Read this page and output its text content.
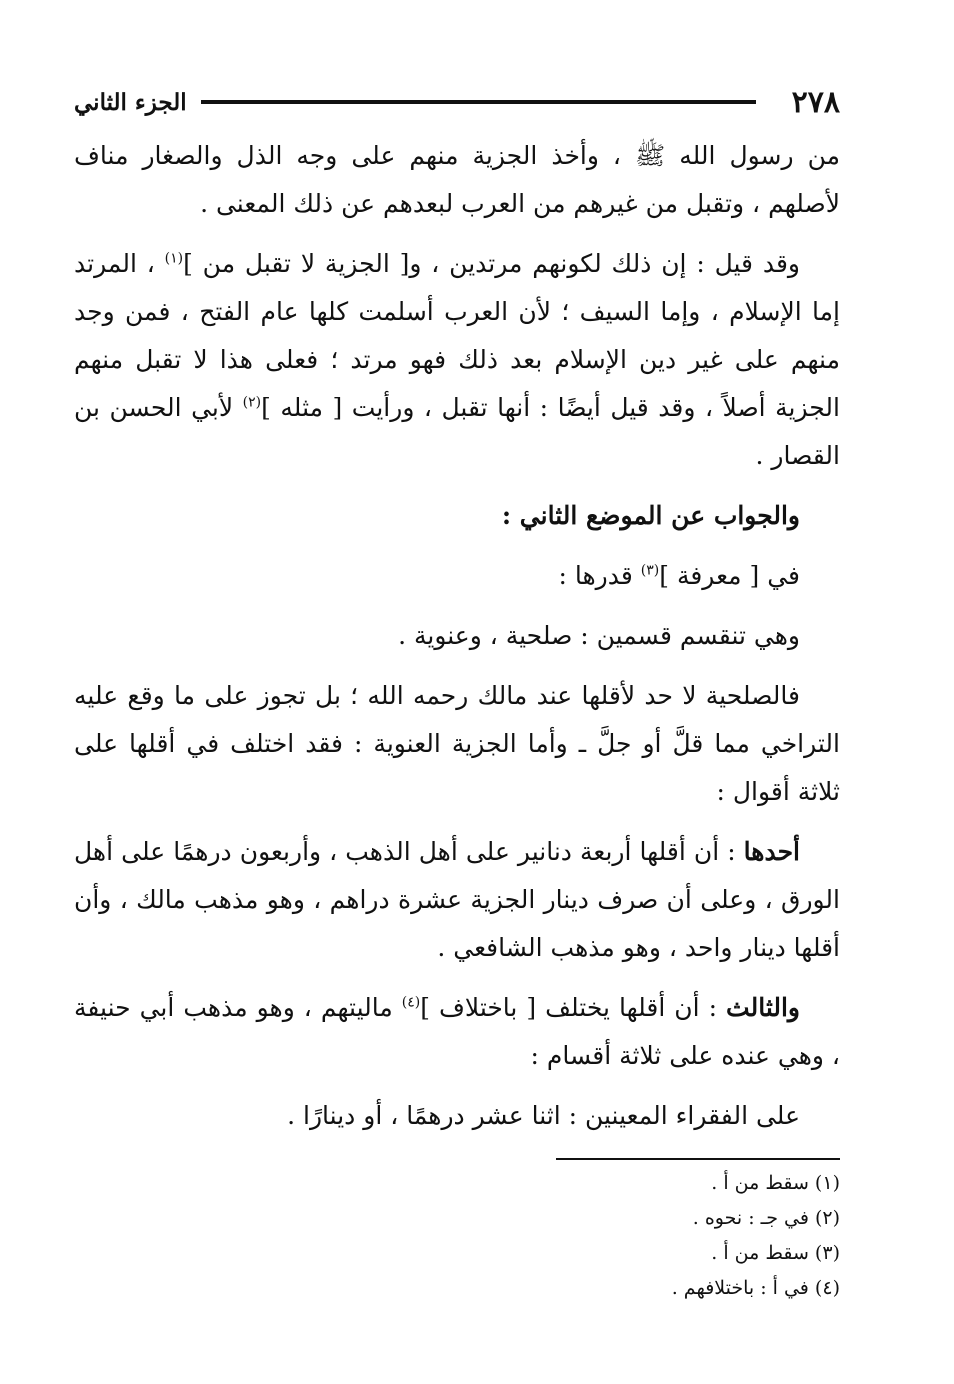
٢٧٨
الجزء الثاني

من رسول الله ﷺ ، وأخذ الجزية منهم على وجه الذل والصغار مناف لأصلهم ، وتقبل من غيرهم من العرب لبعدهم عن ذلك المعنى .

وقد قيل : إن ذلك لكونهم مرتدين ، و[ الجزية لا تقبل من ]$^{(١)}$ ، المرتد إما الإسلام ، وإما السيف ؛ لأن العرب أسلمت كلها عام الفتح ، فمن وجد منهم على غير دين الإسلام بعد ذلك فهو مرتد ؛ فعلى هذا لا تقبل منهم الجزية أصلاً ، وقد قيل أيضًا : أنها تقبل ، ورأيت [ مثله ]$^{(٢)}$ لأبي الحسن بن القصار .

والجواب عن الموضع الثاني :

في [ معرفة ]$^{(٣)}$ قدرها :

وهي تنقسم قسمين : صلحية ، وعنوية .

فالصلحية لا حد لأقلها عند مالك رحمه الله ؛ بل تجوز على ما وقع عليه التراخي مما قلَّ أو جلَّ ـ وأما الجزية العنوية : فقد اختلف في أقلها على ثلاثة أقوال :

أحدها : أن أقلها أربعة دنانير على أهل الذهب ، وأربعون درهمًا على أهل الورق ، وعلى أن صرف دينار الجزية عشرة دراهم ، وهو مذهب مالك ، وأن أقلها دينار واحد ، وهو مذهب الشافعي .

والثالث : أن أقلها يختلف [ باختلاف ]$^{(٤)}$ ماليتهم ، وهو مذهب أبي حنيفة ، وهي عنده على ثلاثة أقسام :

على الفقراء المعينين : اثنا عشر درهمًا ، أو دينارًا .

(١) سقط من أ .
(٢) في جـ : نحوه .
(٣) سقط من أ .
(٤) في أ : باختلافهم .
